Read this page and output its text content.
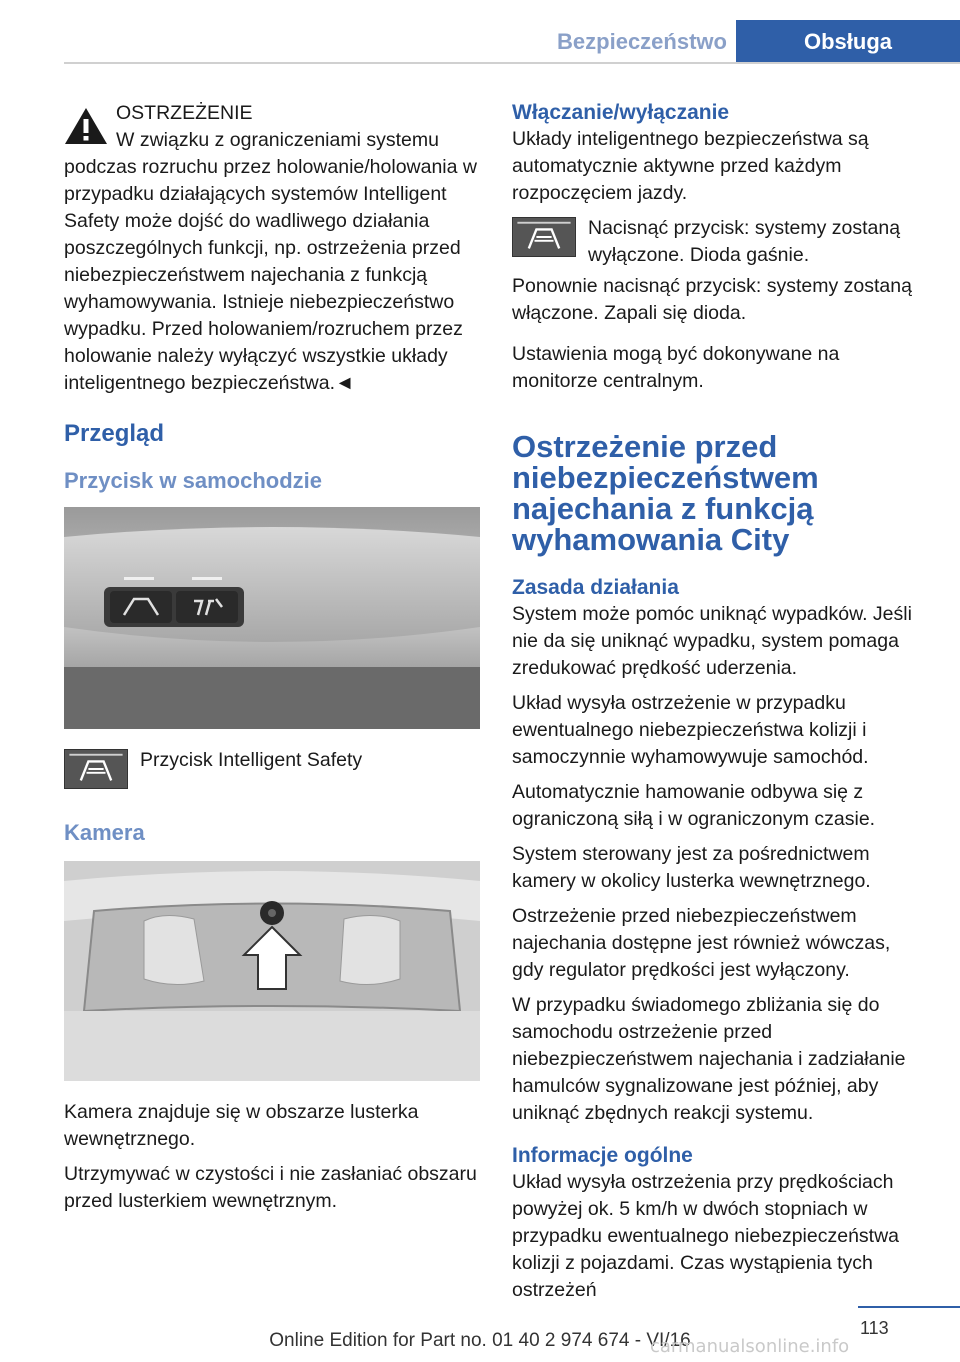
Bezpieczeństwo	Obsługa
OSTRZEŻENIE

W związku z ograniczeniami systemu podczas rozruchu przez holowanie/holowania w przypadku działających systemów Intelligent Safety może dojść do wadliwego działania poszczególnych funkcji, np. ostrzeżenia przed niebezpieczeństwem najechania z funkcją wyhamowywania. Istnieje niebezpieczeństwo wypadku. Przed holowaniem/rozruchem przez holowanie należy wyłączyć wszystkie układy inteligentnego bezpieczeństwa.◄

Przegląd
Przycisk w samochodzie
Przycisk Intelligent Safety
Kamera

Kamera znajduje się w obszarze lusterka wewnętrznego.

Utrzymywać w czystości i nie zasłaniać obszaru przed lusterkiem wewnętrznym.

Włączanie/wyłączanie

Układy inteligentnego bezpieczeństwa są automatycznie aktywne przed każdym rozpoczęciem jazdy.

Nacisnąć przycisk: systemy zostaną wyłączone. Dioda gaśnie.

Ponownie nacisnąć przycisk: systemy zostaną włączone. Zapali się dioda.

Ustawienia mogą być dokonywane na monitorze centralnym.

Ostrzeżenie przed niebezpieczeństwem najechania z funkcją wyhamowania City
Zasada działania

System może pomóc uniknąć wypadków. Jeśli nie da się uniknąć wypadku, system pomaga zredukować prędkość uderzenia.

Układ wysyła ostrzeżenie w przypadku ewentualnego niebezpieczeństwa kolizji i samoczynnie wyhamowywuje samochód.

Automatycznie hamowanie odbywa się z ograniczoną siłą i w ograniczonym czasie.

System sterowany jest za pośrednictwem kamery w okolicy lusterka wewnętrznego.

Ostrzeżenie przed niebezpieczeństwem najechania dostępne jest również wówczas, gdy regulator prędkości jest wyłączony.

W przypadku świadomego zbliżania się do samochodu ostrzeżenie przed niebezpieczeństwem najechania i zadziałanie hamulców sygnalizowane jest później, aby uniknąć zbędnych reakcji systemu.

Informacje ogólne

Układ wysyła ostrzeżenia przy prędkościach powyżej ok. 5 km/h w dwóch stopniach w przypadku ewentualnego niebezpieczeństwa kolizji z pojazdami. Czas wystąpienia tych ostrzeżeń

113
Online Edition for Part no. 01 40 2 974 674 - VI/16
carmanualsonline.info
